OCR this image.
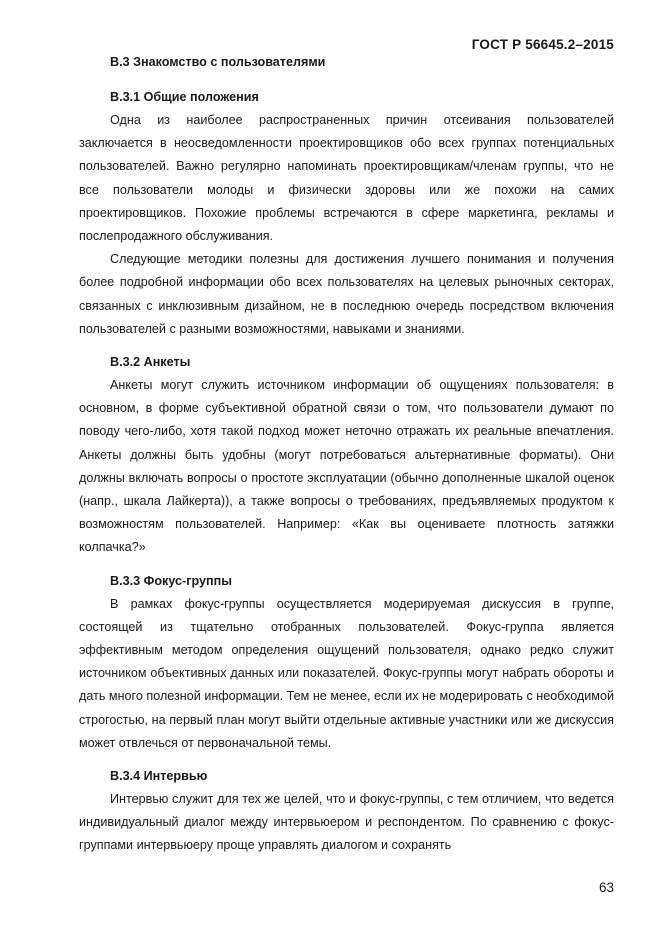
ГОСТ Р 56645.2–2015
В.3 Знакомство с пользователями
В.3.1 Общие положения

Одна из наиболее распространенных причин отсеивания пользователей заключается в неосведомленности проектировщиков обо всех группах потенциальных пользователей. Важно регулярно напоминать проектировщикам/членам группы, что не все пользователи молоды и физически здоровы или же похожи на самих проектировщиков. Похожие проблемы встречаются в сфере маркетинга, рекламы и послепродажного обслуживания.

Следующие методики полезны для достижения лучшего понимания и получения более подробной информации обо всех пользователях на целевых рыночных секторах, связанных с инклюзивным дизайном, не в последнюю очередь посредством включения пользователей с разными возможностями, навыками и знаниями.

В.3.2 Анкеты

Анкеты могут служить источником информации об ощущениях пользователя: в основном, в форме субъективной обратной связи о том, что пользователи думают по поводу чего-либо, хотя такой подход может неточно отражать их реальные впечатления. Анкеты должны быть удобны (могут потребоваться альтернативные форматы). Они должны включать вопросы о простоте эксплуатации (обычно дополненные шкалой оценок (напр., шкала Лайкерта)), а также вопросы о требованиях, предъявляемых продуктом к возможностям пользователей. Например: «Как вы оцениваете плотность затяжки колпачка?»

В.3.3 Фокус-группы

В рамках фокус-группы осуществляется модерируемая дискуссия в группе, состоящей из тщательно отобранных пользователей. Фокус-группа является эффективным методом определения ощущений пользователя, однако редко служит источником объективных данных или показателей. Фокус-группы могут набрать обороты и дать много полезной информации. Тем не менее, если их не модерировать с необходимой строгостью, на первый план могут выйти отдельные активные участники или же дискуссия может отвлечься от первоначальной темы.

В.3.4 Интервью

Интервью служит для тех же целей, что и фокус-группы, с тем отличием, что ведется индивидуальный диалог между интервьюером и респондентом. По сравнению с фокус-группами интервьюеру проще управлять диалогом и сохранять

63
